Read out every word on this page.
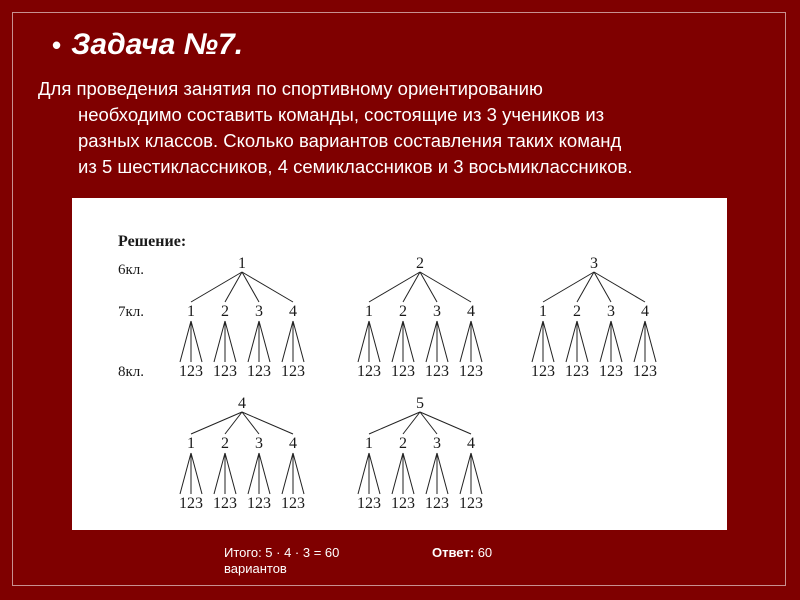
• Задача №7.
Для проведения занятия по спортивному ориентированию
необходимо составить команды, состоящие из 3 учеников из
разных классов. Сколько вариантов составления таких команд
из 5 шестиклассников, 4 семиклассников и 3 восьмиклассников.
Решение:
6кл.
7кл.
8кл.
1
1
123
2
123
3
123
4
123
2
1
123
2
123
3
123
4
123
3
1
123
2
123
3
123
4
123
4
1
123
2
123
3
123
4
123
5
1
123
2
123
3
123
4
123
Итого: 5 · 4 · 3 = 60
вариантов
Ответ: 60
